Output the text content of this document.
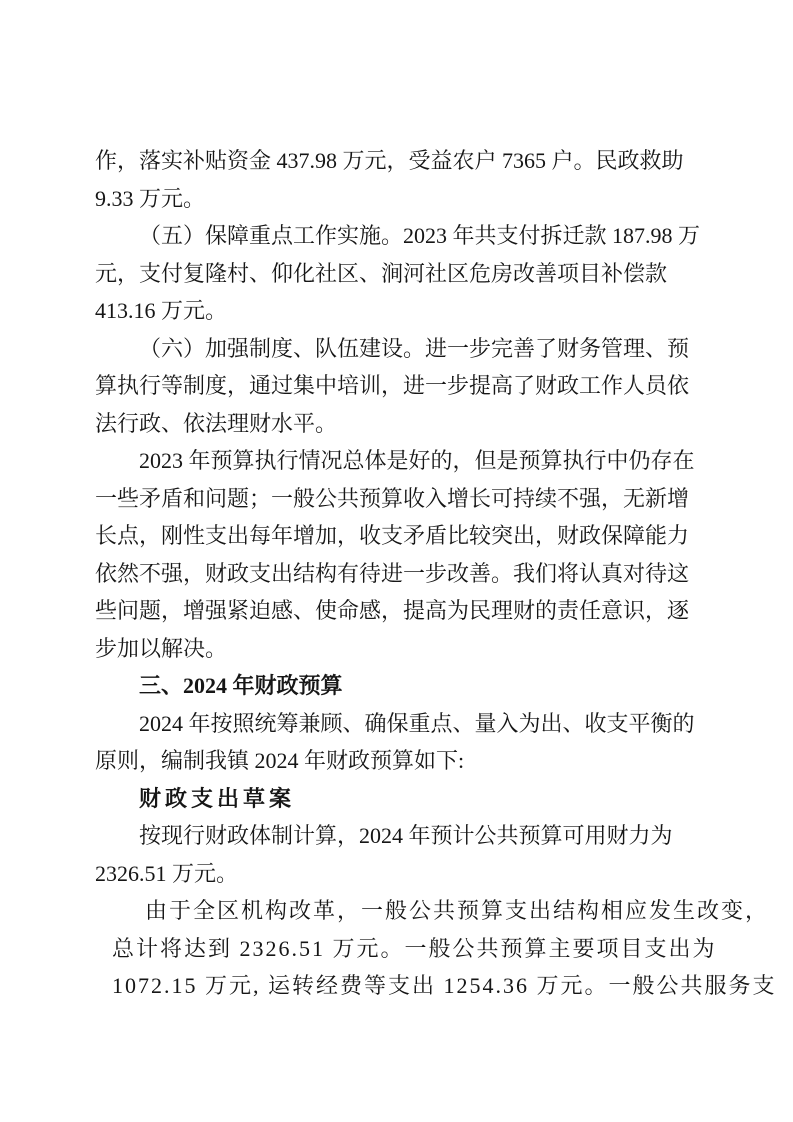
作，落实补贴资金 437.98 万元，受益农户 7365 户。民政救助
9.33 万元。
（五）保障重点工作实施。2023 年共支付拆迁款 187.98 万
元，支付复隆村、仰化社区、涧河社区危房改善项目补偿款
413.16 万元。
（六）加强制度、队伍建设。进一步完善了财务管理、预
算执行等制度，通过集中培训，进一步提高了财政工作人员依
法行政、依法理财水平。
2023 年预算执行情况总体是好的，但是预算执行中仍存在
一些矛盾和问题；一般公共预算收入增长可持续不强，无新增
长点，刚性支出每年增加，收支矛盾比较突出，财政保障能力
依然不强，财政支出结构有待进一步改善。我们将认真对待这
些问题，增强紧迫感、使命感，提高为民理财的责任意识，逐
步加以解决。
三、2024 年财政预算
2024 年按照统筹兼顾、确保重点、量入为出、收支平衡的
原则，编制我镇 2024 年财政预算如下:
财政支出草案
按现行财政体制计算，2024 年预计公共预算可用财力为
2326.51 万元。
由于全区机构改革，一般公共预算支出结构相应发生改变，
总计将达到 2326.51 万元。一般公共预算主要项目支出为
1072.15 万元, 运转经费等支出 1254.36 万元。一般公共服务支
